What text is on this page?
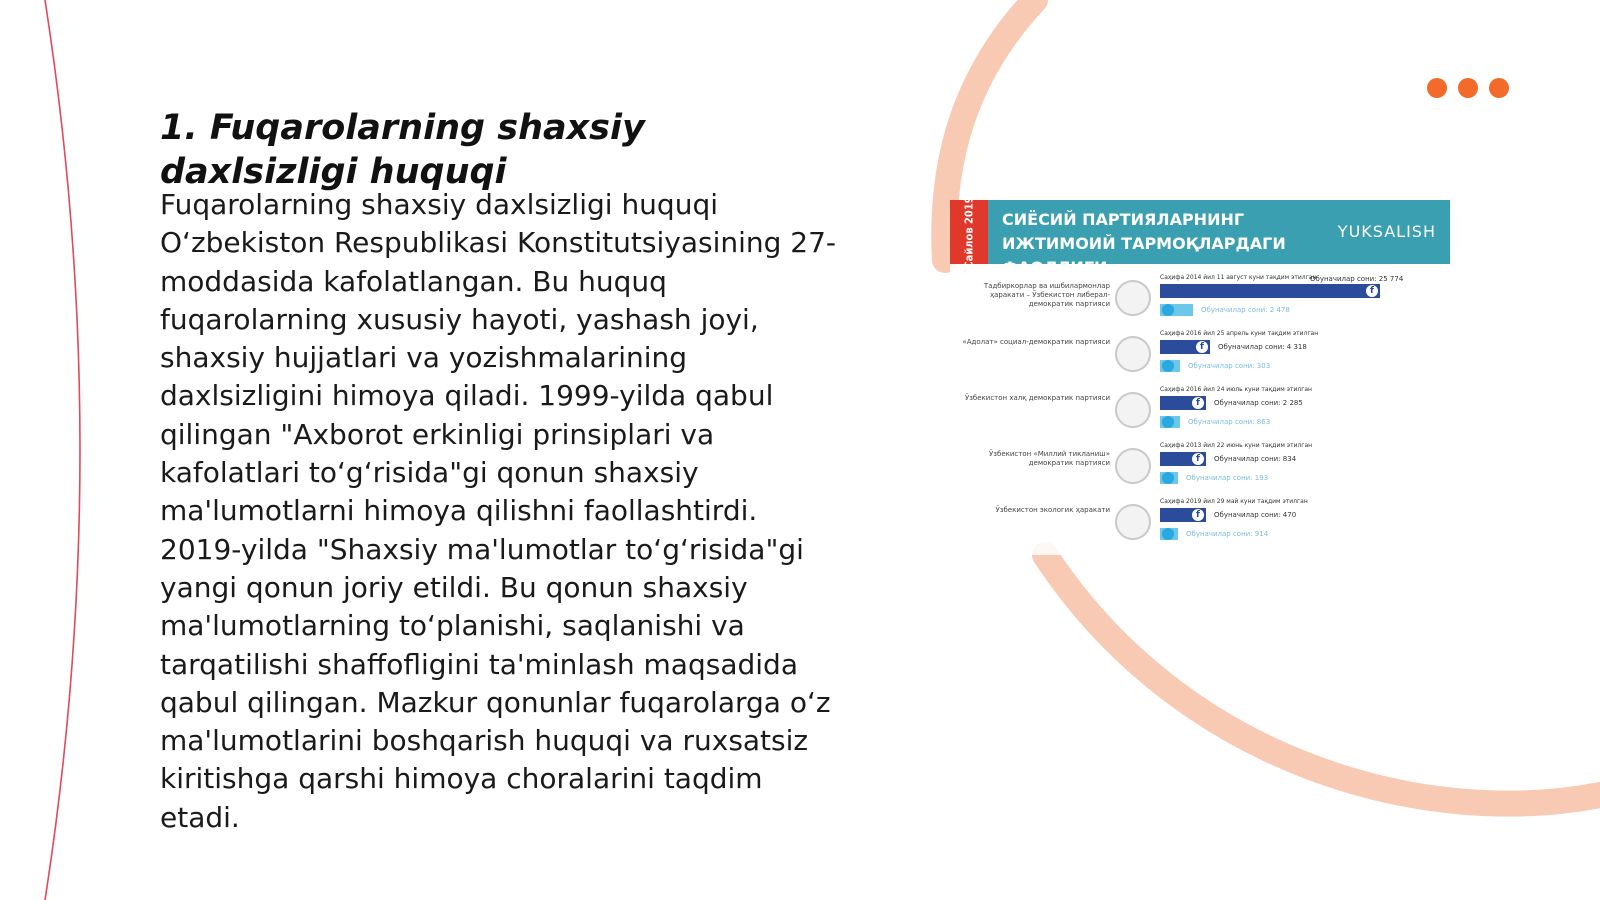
1. Fuqarolarning shaxsiy daxlsizligi huquqi

Fuqarolarning shaxsiy daxlsizligi huquqi O‘zbekiston Respublikasi Konstitutsiyasining 27-moddasida kafolatlangan. Bu huquq fuqarolarning xususiy hayoti, yashash joyi, shaxsiy hujjatlari va yozishmalarining daxlsizligini himoya qiladi. 1999-yilda qabul qilingan "Axborot erkinligi prinsiplari va kafolatlari to‘g‘risida"gi qonun shaxsiy ma'lumotlarni himoya qilishni faollashtirdi. 2019-yilda "Shaxsiy ma'lumotlar to‘g‘risida"gi yangi qonun joriy etildi. Bu qonun shaxsiy ma'lumotlarning to‘planishi, saqlanishi va tarqatilishi shaffofligini ta'minlash maqsadida qabul qilingan. Mazkur qonunlar fuqarolarga o‘z ma'lumotlarini boshqarish huquqi va ruxsatsiz kiritishga qarshi himoya choralarini taqdim etadi.

Сайлов 2019 СИЁСИЙ ПАРТИЯЛАРНИНГ ИЖТИМОИЙ ТАРМОҚЛАРДАГИ ФАОЛЛИГИ
YUKSALISH
Тадбиркорлар ва ишбилармонлар ҳаракати – Ўзбекистон либерал-демократик партияси
Саҳифа 2014 йил 11 август куни тақдим этилган
f
Обуначилар сони: 25 774
Обуначилар сони: 2 478
«Адолат» социал-демократик партияси
Саҳифа 2016 йил 25 апрель куни тақдим этилган
f	Обуначилар сони: 4 318
Обуначилар сони: 303
Ўзбекистон халқ демократик партияси
Саҳифа 2016 йил 24 июль куни тақдим этилган
f	Обуначилар сони: 2 285
Обуначилар сони: 863
Ўзбекистон «Миллий тикланиш» демократик партияси
Саҳифа 2013 йил 22 июнь куни тақдим этилган
f	Обуначилар сони: 834
Обуначилар сони: 193
Ўзбекистон экологик ҳаракати
Саҳифа 2019 йил 29 май куни тақдим этилган
f	Обуначилар сони: 470
Обуначилар сони: 914
